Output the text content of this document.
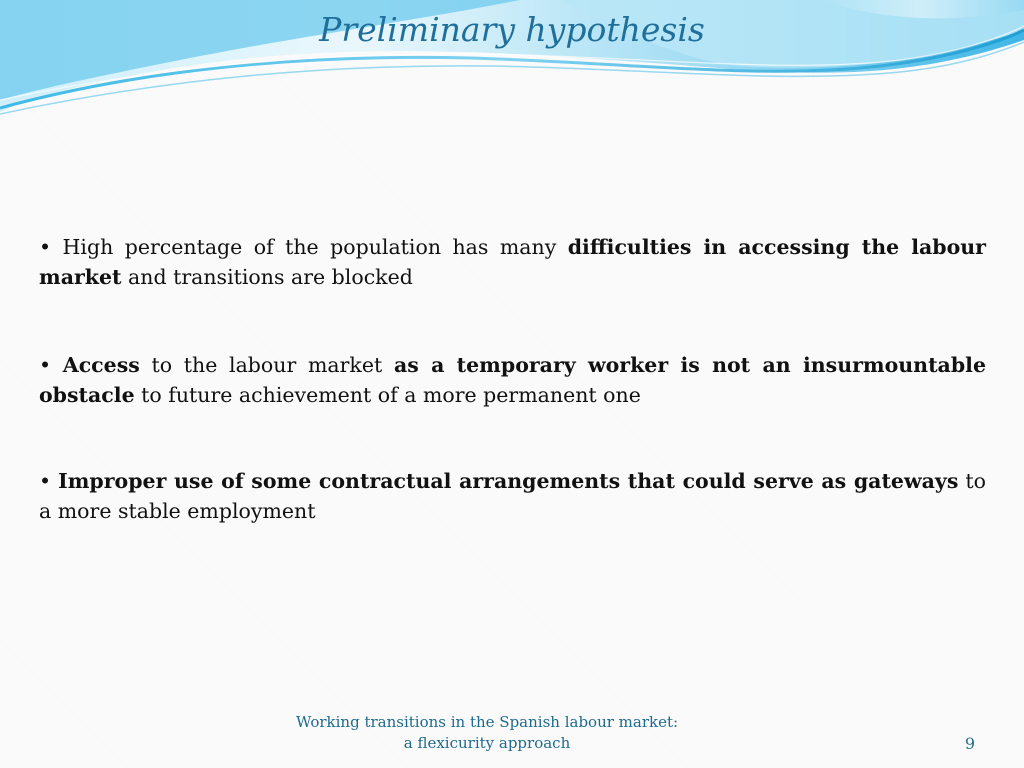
Preliminary hypothesis

• High percentage of the population has many difficulties in accessing the labour market and transitions are blocked

• Access to the labour market as a temporary worker is not an insurmountable obstacle to future achievement of a more permanent one

• Improper use of some contractual arrangements that could serve as gateways to a more stable employment

Working transitions in the Spanish labour market:
a flexicurity approach	9
